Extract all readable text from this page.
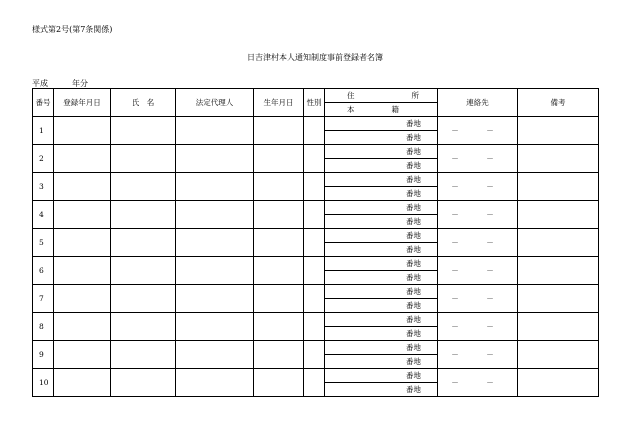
様式第2号(第7条関係)
日吉津村本人通知制度事前登録者名簿
平成　　　	年分
番号	登録年月日	氏　名	法定代理人	生年月日	性別	住 所	連絡先	備考

						本 籍		

1						番地	－　－	
						番地		
2						番地	－　－	
						番地		
3						番地	－　－	
						番地		
4						番地	－　－	
						番地		
5						番地	－　－	
						番地		
6						番地	－　－	
						番地		
7						番地	－　－	
						番地		
8						番地	－　－	
						番地		
9						番地	－　－	
						番地		
10						番地	－　－	
						番地		
